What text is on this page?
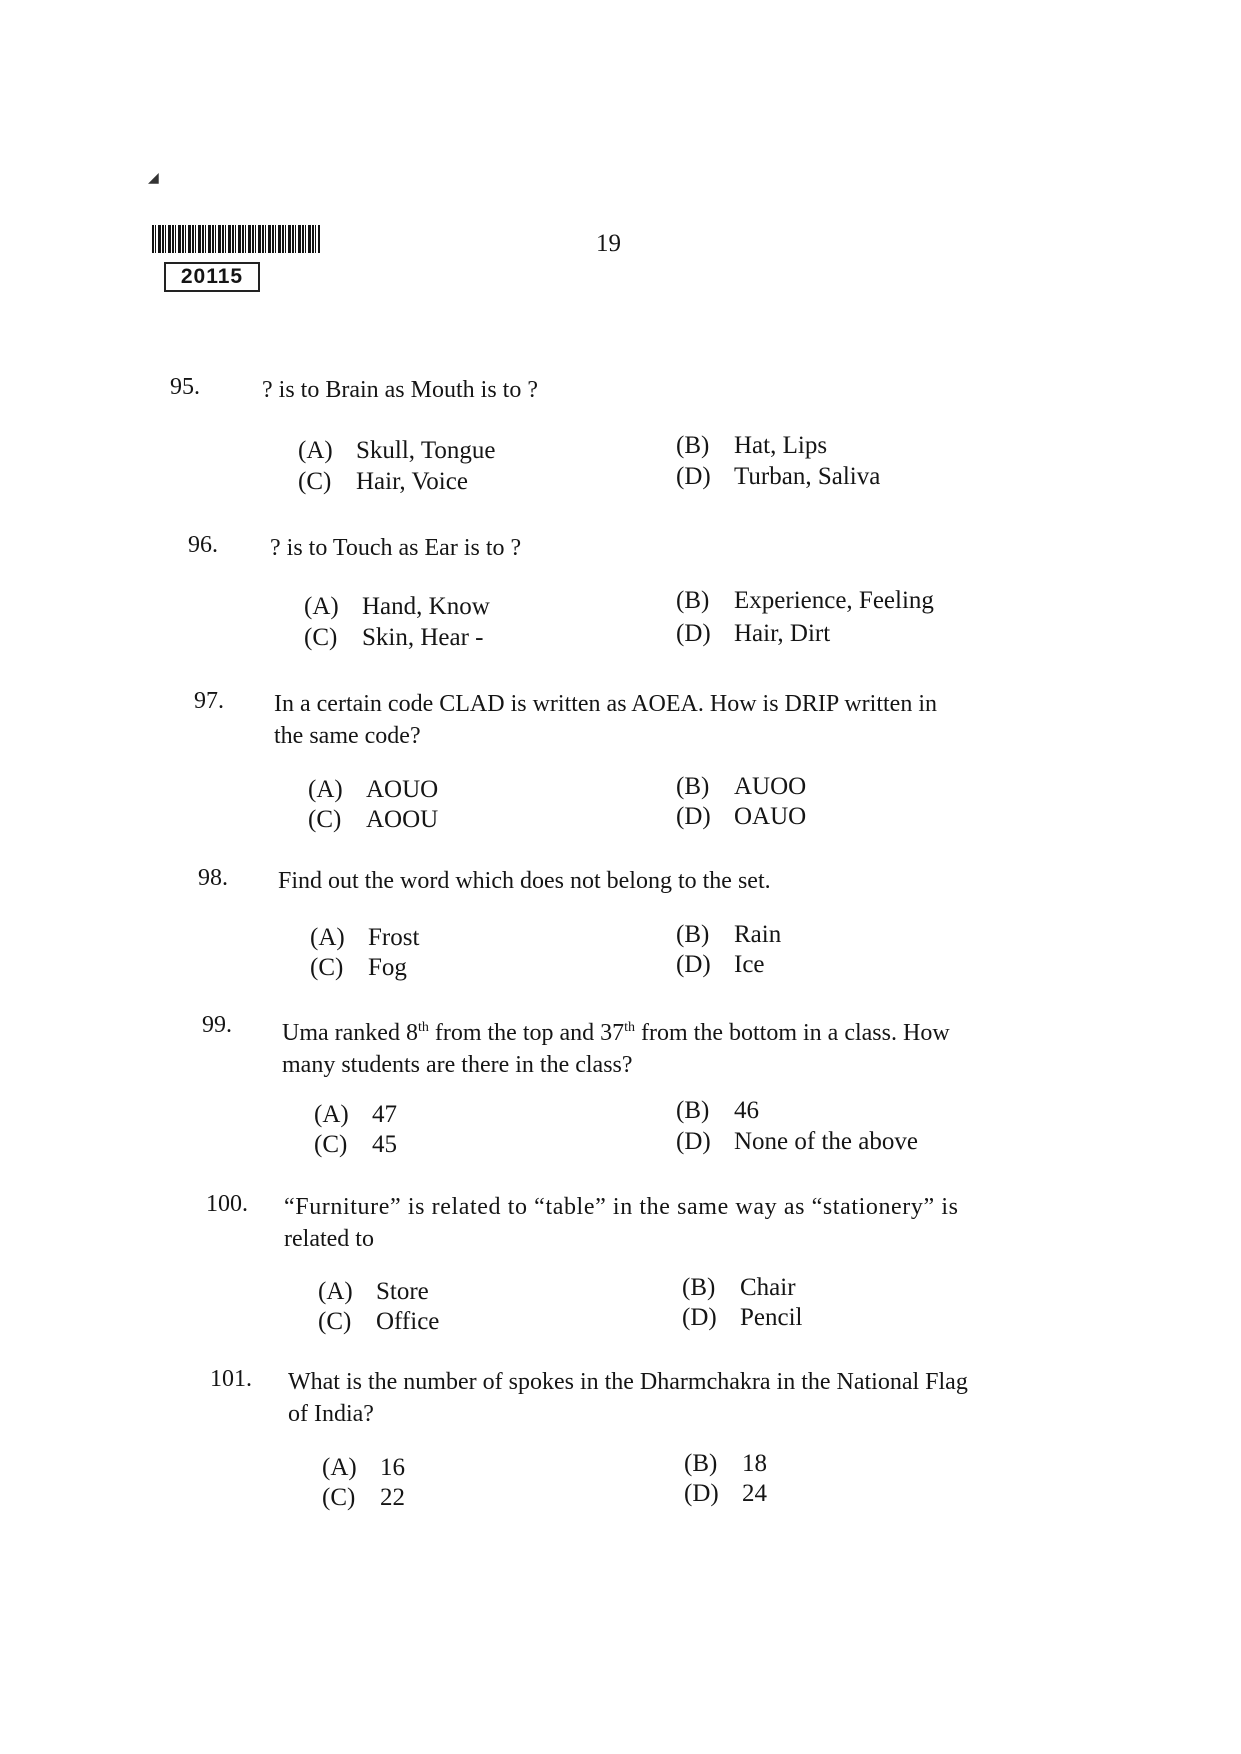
◢
20115
19
95.	? is to Brain as Mouth is to ?
(A) Skull, Tongue	(B) Hat, Lips
(C) Hair, Voice	(D) Turban, Saliva
96.	? is to Touch as Ear is to ?
(A) Hand, Know	(B) Experience, Feeling
(C) Skin, Hear -	(D) Hair, Dirt
97.	In a certain code CLAD is written as AOEA. How is DRIP written in
the same code?
(A) AOUO	(B) AUOO
(C) AOOU	(D) OAUO
98.	Find out the word which does not belong to the set.
(A) Frost	(B) Rain
(C) Fog	(D) Ice
99.	Uma ranked 8th from the top and 37th from the bottom in a class. How
many students are there in the class?
(A) 47	(B) 46
(C) 45	(D) None of the above
100.	“Furniture” is related to “table” in the same way as “stationery” is
related to
(A) Store	(B) Chair
(C) Office	(D) Pencil
101.	What is the number of spokes in the Dharmchakra in the National Flag
of India?
(A) 16	(B) 18
(C) 22	(D) 24
